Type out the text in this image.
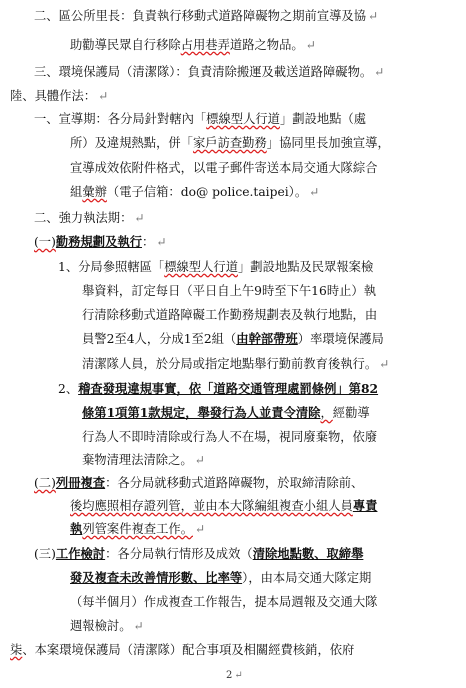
二、區公所里長：負責執行移動式道路障礙物之期前宣導及協 ↵
助勸導民眾自行移除占用巷弄道路之物品。 ↵
三、環境保護局（清潔隊）：負責清除搬運及載送道路障礙物。 ↵
陸、具體作法： ↵
一、宣導期：各分局針對轄內「標線型人行道」劃設地點（處
所）及違規熱點，併「家戶訪查勤務」協同里長加強宣導，
宣導成效依附件格式，以電子郵件寄送本局交通大隊綜合
組彙辦（電子信箱：do@ police.taipei）。 ↵
二、強力執法期： ↵
(一)勤務規劃及執行： ↵
1、分局參照轄區「標線型人行道」劃設地點及民眾報案檢
舉資料，訂定每日（平日自上午9時至下午16時止）執
行清除移動式道路障礙工作勤務規劃表及執行地點，由
員警2至4人，分成1至2組（由幹部帶班）率環境保護局
清潔隊人員，於分局或指定地點舉行勤前教育後執行。 ↵
2、稽查發現違規事實，依「道路交通管理處罰條例」第82
條第1項第1款規定，舉發行為人並責令清除，經勸導
行為人不即時清除或行為人不在場，視同廢棄物，依廢
棄物清理法清除之。 ↵
(二)列冊複查：各分局就移動式道路障礙物，於取締清除前、
後均應照相存證列管，並由本大隊編組複查小組人員專責
執列管案件複查工作。 ↵
(三)工作檢討：各分局執行情形及成效（清除地點數、取締舉
發及複查未改善情形數、比率等），由本局交通大隊定期
（每半個月）作成複查工作報告，提本局週報及交通大隊
週報檢討。 ↵
柒、本案環境保護局（清潔隊）配合事項及相關經費核銷，依府
2 ↵
